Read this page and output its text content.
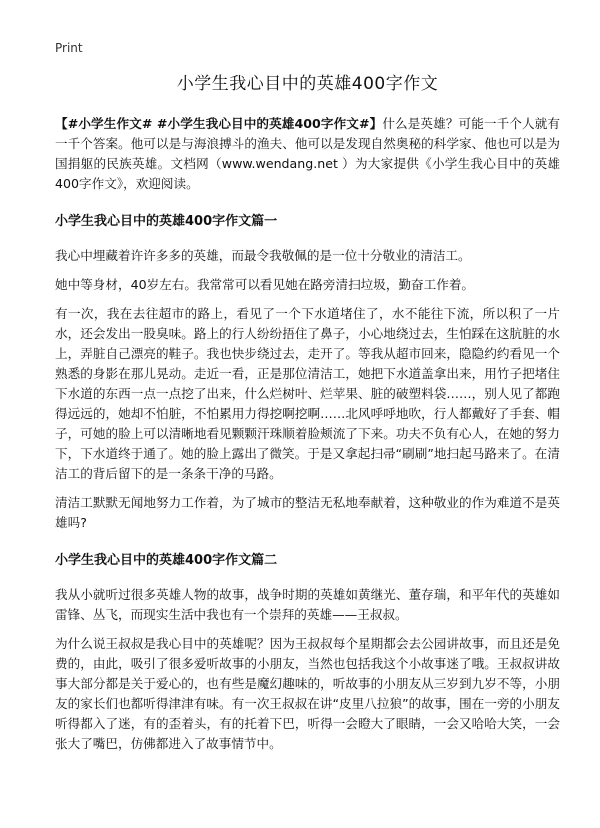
Print
小学生我心目中的英雄400字作文

【#小学生作文# #小学生我心目中的英雄400字作文#】什么是英雄？可能一千个人就有一千个答案。他可以是与海浪搏斗的渔夫、他可以是发现自然奥秘的科学家、他也可以是为国捐躯的民族英雄。文档网（www.wendang.net ）为大家提供《小学生我心目中的英雄400字作文》，欢迎阅读。

小学生我心目中的英雄400字作文篇一

我心中埋藏着许许多多的英雄，而最令我敬佩的是一位十分敬业的清洁工。

她中等身材，40岁左右。我常常可以看见她在路旁清扫垃圾，勤奋工作着。

有一次，我在去往超市的路上，看见了一个下水道堵住了，水不能往下流，所以积了一片水，还会发出一股臭味。路上的行人纷纷捂住了鼻子，小心地绕过去，生怕踩在这肮脏的水上，弄脏自己漂亮的鞋子。我也快步绕过去，走开了。等我从超市回来，隐隐约约看见一个熟悉的身影在那儿晃动。走近一看，正是那位清洁工，她把下水道盖拿出来，用竹子把堵住下水道的东西一点一点挖了出来，什么烂树叶、烂苹果、脏的破塑料袋……，别人见了都跑得远远的，她却不怕脏，不怕累用力得挖啊挖啊……北风呼呼地吹，行人都戴好了手套、帽子，可她的脸上可以清晰地看见颗颗汗珠顺着脸颊流了下来。功夫不负有心人，在她的努力下，下水道终于通了。她的脸上露出了微笑。于是又拿起扫帚“刷刷”地扫起马路来了。在清洁工的背后留下的是一条条干净的马路。

清洁工默默无闻地努力工作着，为了城市的整洁无私地奉献着，这种敬业的作为难道不是英雄吗?

小学生我心目中的英雄400字作文篇二

我从小就听过很多英雄人物的故事，战争时期的英雄如黄继光、董存瑞，和平年代的英雄如雷锋、丛飞，而现实生活中我也有一个崇拜的英雄——王叔叔。

为什么说王叔叔是我心目中的英雄呢？因为王叔叔每个星期都会去公园讲故事，而且还是免费的，由此，吸引了很多爱听故事的小朋友，当然也包括我这个小故事迷了哦。王叔叔讲故事大部分都是关于爱心的，也有些是魔幻趣味的，听故事的小朋友从三岁到九岁不等，小朋友的家长们也都听得津津有味。有一次王叔叔在讲“皮里八拉狼”的故事，围在一旁的小朋友听得都入了迷，有的歪着头，有的托着下巴，听得一会瞪大了眼睛，一会又哈哈大笑，一会张大了嘴巴，仿佛都进入了故事情节中。
